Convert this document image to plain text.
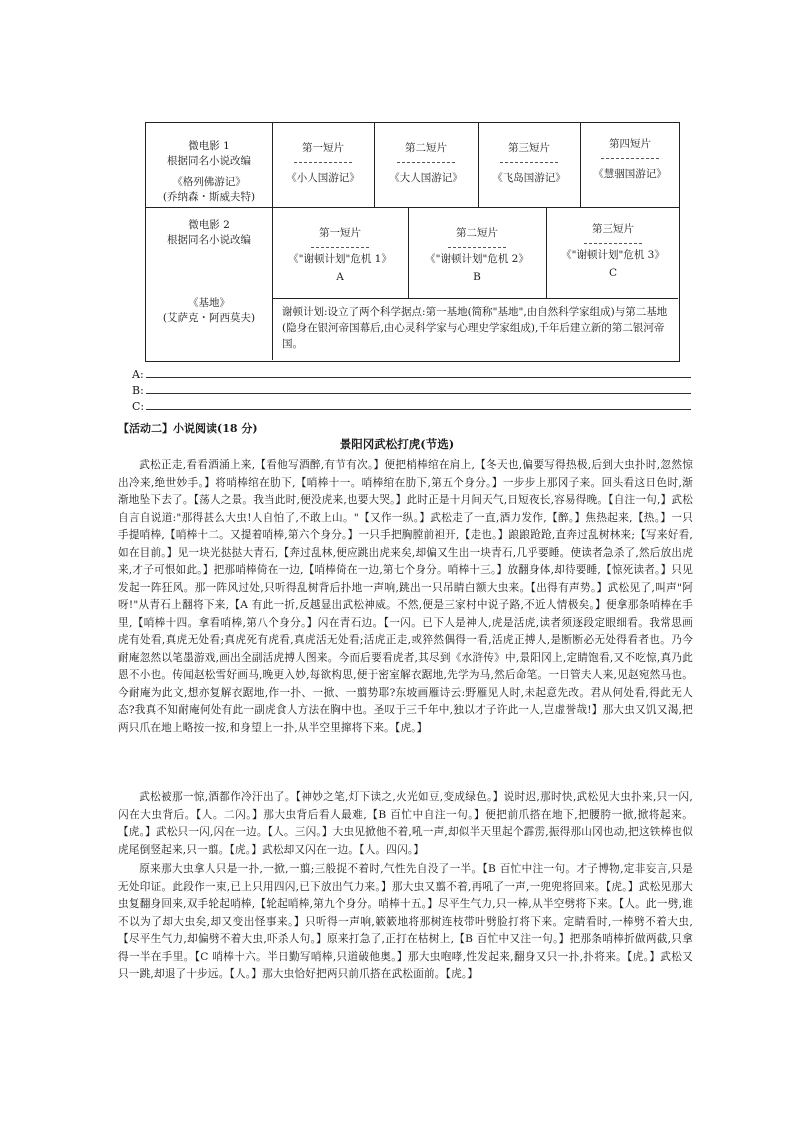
微电影 1
根据同名小说改编
《格列佛游记》
(乔纳森・斯威夫特)
第一短片
《小人国游记》
第二短片
《大人国游记》
第三短片
《飞岛国游记》
第四短片
《慧骃国游记》
微电影 2
根据同名小说改编
《基地》
(艾萨克・阿西莫夫)
第一短片
《"谢顿计划"危机 1》
A
第二短片
《"谢顿计划"危机 2》
B
第三短片
《"谢顿计划"危机 3》
C
谢顿计划:设立了两个科学据点:第一基地(简称"基地",由自然科学家组成)与第二基地(隐身在银河帝国幕后,由心灵科学家与心理史学家组成),千年后建立新的第二银河帝国。
A:
B:
C:
【活动二】小说阅读(18 分)
景阳冈武松打虎(节选)
武松正走,看看酒涌上来,【看他写酒醉,有节有次。】便把梢棒绾在肩上,【冬天也,偏要写得热极,后到大虫扑时,忽然惊出冷来,绝世妙手。】将哨棒绾在肋下,【哨棒十一。哨棒绾在肋下,第五个身分。】一步步上那冈子来。回头看这日色时,渐渐地坠下去了。【荡人之景。我当此时,便没虎来,也要大哭。】此时正是十月间天气,日短夜长,容易得晚。【自注一句,】武松自言自说道:"那得甚么大虫!人自怕了,不敢上山。"【又作一纵。】武松走了一直,酒力发作,【醉。】焦热起来,【热。】一只手提哨棒,【哨棒十二。又提着哨棒,第六个身分。】一只手把胸膛前袒开,【走也。】踉踉跄跄,直奔过乱树林来;【写来好看,如在目前。】见一块光挞挞大青石,【奔过乱林,便应跳出虎来矣,却偏又生出一块青石,几乎要睡。使读者急杀了,然后放出虎来,才子可恨如此。】把那哨棒倚在一边,【哨棒倚在一边,第七个身分。哨棒十三。】放翻身体,却待要睡,【惊死读者。】只见发起一阵狂风。那一阵风过处,只听得乱树背后扑地一声响,跳出一只吊睛白额大虫来。【出得有声势。】武松见了,叫声"阿呀!"从青石上翻将下来,【A 有此一折,反越显出武松神威。不然,便是三家村中说子路,不近人情极矣。】便拿那条哨棒在手里,【哨棒十四。拿看哨棒,第八个身分。】闪在青石边。【一闪。已下人是神人,虎是活虎,读者须逐段定眼细看。我常思画虎有处看,真虎无处看;真虎死有虎看,真虎活无处看;活虎正走,或猝然偶得一看,活虎正搏人,是断断必无处得看者也。乃今耐庵忽然以笔墨游戏,画出全副活虎搏人图来。今而后要看虎者,其尽到《水浒传》中,景阳冈上,定睛饱看,又不吃惊,真乃此恩不小也。传闻赵松雪好画马,晚更入妙,每欲构思,便于密室解衣踞地,先学为马,然后命笔。一日管夫人来,见赵宛然马也。今耐庵为此文,想亦复解衣踞地,作一扑、一掀、一翦势耶?东坡画雁诗云:野雁见人时,未起意先改。君从何处看,得此无人态?我真不知耐庵何处有此一副虎食人方法在胸中也。圣叹于三千年中,独以才子许此一人,岂虚誉哉!】那大虫又饥又渴,把两只爪在地上略按一按,和身望上一扑,从半空里撺将下来。【虎。】
武松被那一惊,酒都作冷汗出了。【神妙之笔,灯下读之,火光如豆,变成绿色。】说时迟,那时快,武松见大虫扑来,只一闪,闪在大虫背后。【人。二闪。】那大虫背后看人最难,【B 百忙中自注一句。】便把前爪搭在地下,把腰胯一掀,掀将起来。【虎。】武松只一闪,闪在一边。【人。三闪。】大虫见掀他不着,吼一声,却似半天里起个霹雳,振得那山冈也动,把这铁棒也似虎尾倒竖起来,只一翦。【虎。】武松却又闪在一边。【人。四闪。】
原来那大虫拿人只是一扑,一掀,一翦;三般捉不着时,气性先自没了一半。【B 百忙中注一句。才子博物,定非妄言,只是无处印证。此段作一束,已上只用四闪,已下放出气力来。】那大虫又翦不着,再吼了一声,一兜兜将回来。【虎。】武松见那大虫复翻身回来,双手轮起哨棒,【轮起哨棒,第九个身分。哨棒十五。】尽平生气力,只一棒,从半空劈将下来。【人。此一劈,谁不以为了却大虫矣,却又变出怪事来。】只听得一声响,簌簌地将那树连枝带叶劈脸打将下来。定睛看时,一棒劈不着大虫,【尽平生气力,却偏劈不着大虫,吓杀人句。】原来打急了,正打在枯树上,【B 百忙中又注一句。】把那条哨棒折做两截,只拿得一半在手里。【C 哨棒十六。半日勤写哨棒,只道破他奥。】那大虫咆哮,性发起来,翻身又只一扑,扑将来。【虎。】武松又只一跳,却退了十步远。【人。】那大虫恰好把两只前爪搭在武松面前。【虎。】
